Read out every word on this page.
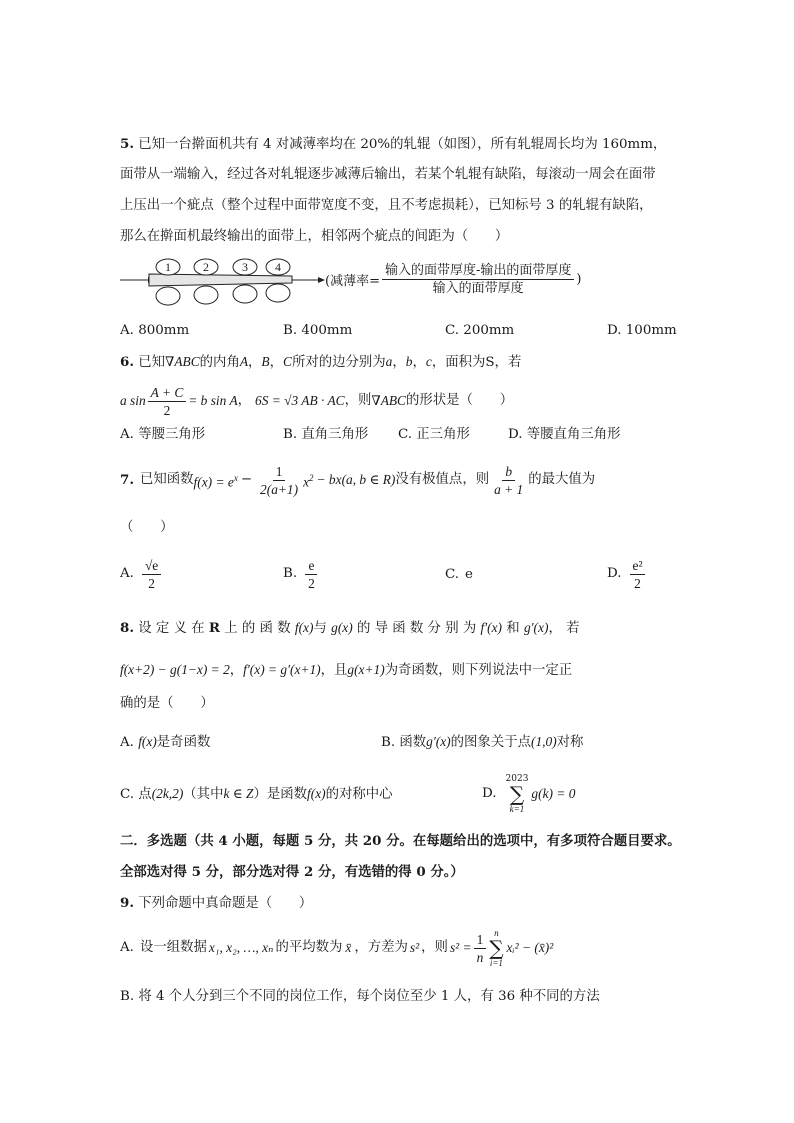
5. 已知一台擀面机共有 4 对减薄率均在 20%的轧辊（如图），所有轧辊周长均为 160mm，
面带从一端输入，经过各对轧辊逐步减薄后输出，若某个轧辊有缺陷，每滚动一周会在面带
上压出一个疵点（整个过程中面带宽度不变，且不考虑损耗），已知标号 3 的轧辊有缺陷，
那么在擀面机最终输出的面带上，相邻两个疵点的间距为（　　）
1	2	3 4
(减薄率= $\frac{\text{输入的面带厚度-输出的面带厚度}}{\text{输入的面带厚度}}$ )
A. 800mm	B. 400mm	C. 200mm	D. 100mm
6. 已知∇ABC的内角A，B，C所对的边分别为a，b，c，面积为S，若
a $\sin \frac{A + C}{2} = b$ sin A ， 6S = √3 AB · AC ，则 ∇ABC 的形状是（　　）
A. 等腰三角形	B. 直角三角形 C. 正三角形	D. 等腰直角三角形
7. 已知函数 $f(x) = e^x - \frac{1}{2(a+1)} x^2 - bx(a$, b ∈ R) 没有极值点，则 $\frac{b}{a + 1}$ 的最大值为
（　　）
A. $\frac{√e}{2}$	B. $\frac{e}{2}$	C. e	D. $\frac{\text{e²}}{2}$
8. 设 定 义 在 R 上 的 函 数 f(x)与 g(x) 的 导 函 数 分 别 为 f′(x) 和 g′(x)， 若
f(x+2) − g(1−x) = 2，f′(x) = g′(x+1)，且g(x+1)为奇函数，则下列说法中一定正
确的是（　　）
A. f(x)是奇函数	B. 函数g′(x)的图象关于点(1,0)对称
C. 点(2k,2)（其中k ∈ Z）是函数f(x)的对称中心	D.
2023
∑
k=1
g(k) = 0
二．多选题（共 4 小题，每题 5 分，共 20 分。在每题给出的选项中，有多项符合题目要求。
全部选对得 5 分，部分选对得 2 分，有选错的得 0 分。）
9. 下列命题中真命题是（　　）
A. 设一组数据 x₁, x₂, …, xₙ 的平均数为 x̄ ，方差为 s² ，则 $s^2 = \frac{1}{n}$ n
∑
i=1
xᵢ² − (x̄)²
B. 将 4 个人分到三个不同的岗位工作，每个岗位至少 1 人，有 36 种不同的方法
